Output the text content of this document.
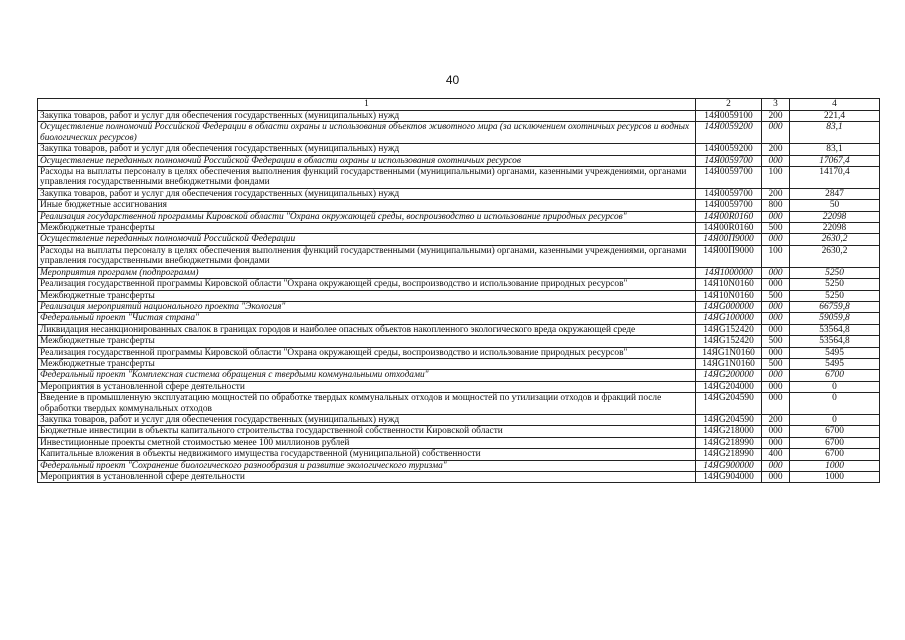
40
1	2	3	4
Закупка товаров, работ и услуг для обеспечения государственных (муниципальных) нужд	14Я0059100	200	221,4
Осуществление полномочий Российской Федерации в области охраны и использования объектов животного мира (за исключением охотничьих ресурсов и водных биологических ресурсов)	14Я0059200	000	83,1
Закупка товаров, работ и услуг для обеспечения государственных (муниципальных) нужд	14Я0059200	200	83,1
Осуществление переданных полномочий Российской Федерации в области охраны и использования охотничьих ресурсов	14Я0059700	000	17067,4
Расходы на выплаты персоналу в целях обеспечения выполнения функций государственными (муниципальными) органами, казенными учреждениями, органами управления государственными внебюджетными фондами	14Я0059700	100	14170,4
Закупка товаров, работ и услуг для обеспечения государственных (муниципальных) нужд	14Я0059700	200	2847
Иные бюджетные ассигнования	14Я0059700	800	50
Реализация государственной программы Кировской области "Охрана окружающей среды, воспроизводство и использование природных ресурсов"	14Я00R0160	000	22098
Межбюджетные трансферты	14Я00R0160	500	22098
Осуществление переданных полномочий Российской Федерации	14Я00П9000	000	2630,2
Расходы на выплаты персоналу в целях обеспечения выполнения функций государственными (муниципальными) органами, казенными учреждениями, органами управления государственными внебюджетными фондами	14Я00П9000	100	2630,2
Мероприятия программ (подпрограмм)	14Я1000000	000	5250
Реализация государственной программы Кировской области "Охрана окружающей среды, воспроизводство и использование природных ресурсов"	14Я10N0160	000	5250
Межбюджетные трансферты	14Я10N0160	500	5250
Реализация мероприятий национального проекта "Экология"	14ЯG000000	000	66759,8
Федеральный проект "Чистая страна"	14ЯG100000	000	59059,8
Ликвидация несанкционированных свалок в границах городов и наиболее опасных объектов накопленного экологического вреда окружающей среде	14ЯG152420	000	53564,8
Межбюджетные трансферты	14ЯG152420	500	53564,8
Реализация государственной программы Кировской области "Охрана окружающей среды, воспроизводство и использование природных ресурсов"	14ЯG1N0160	000	5495
Межбюджетные трансферты	14ЯG1N0160	500	5495
Федеральный проект "Комплексная система обращения с твердыми коммунальными отходами"	14ЯG200000	000	6700
Мероприятия в установленной сфере деятельности	14ЯG204000	000	0
Введение в промышленную эксплуатацию мощностей по обработке твердых коммунальных отходов и мощностей по утилизации отходов и фракций после обработки твердых коммунальных отходов	14ЯG204590	000	0
Закупка товаров, работ и услуг для обеспечения государственных (муниципальных) нужд	14ЯG204590	200	0
Бюджетные инвестиции в объекты капитального строительства государственной собственности Кировской области	14ЯG218000	000	6700
Инвестиционные проекты сметной стоимостью менее 100 миллионов рублей	14ЯG218990	000	6700
Капитальные вложения в объекты недвижимого имущества государственной (муниципальной) собственности	14ЯG218990	400	6700
Федеральный проект "Сохранение биологического разнообразия и развитие экологического туризма"	14ЯG900000	000	1000
Мероприятия в установленной сфере деятельности	14ЯG904000	000	1000
